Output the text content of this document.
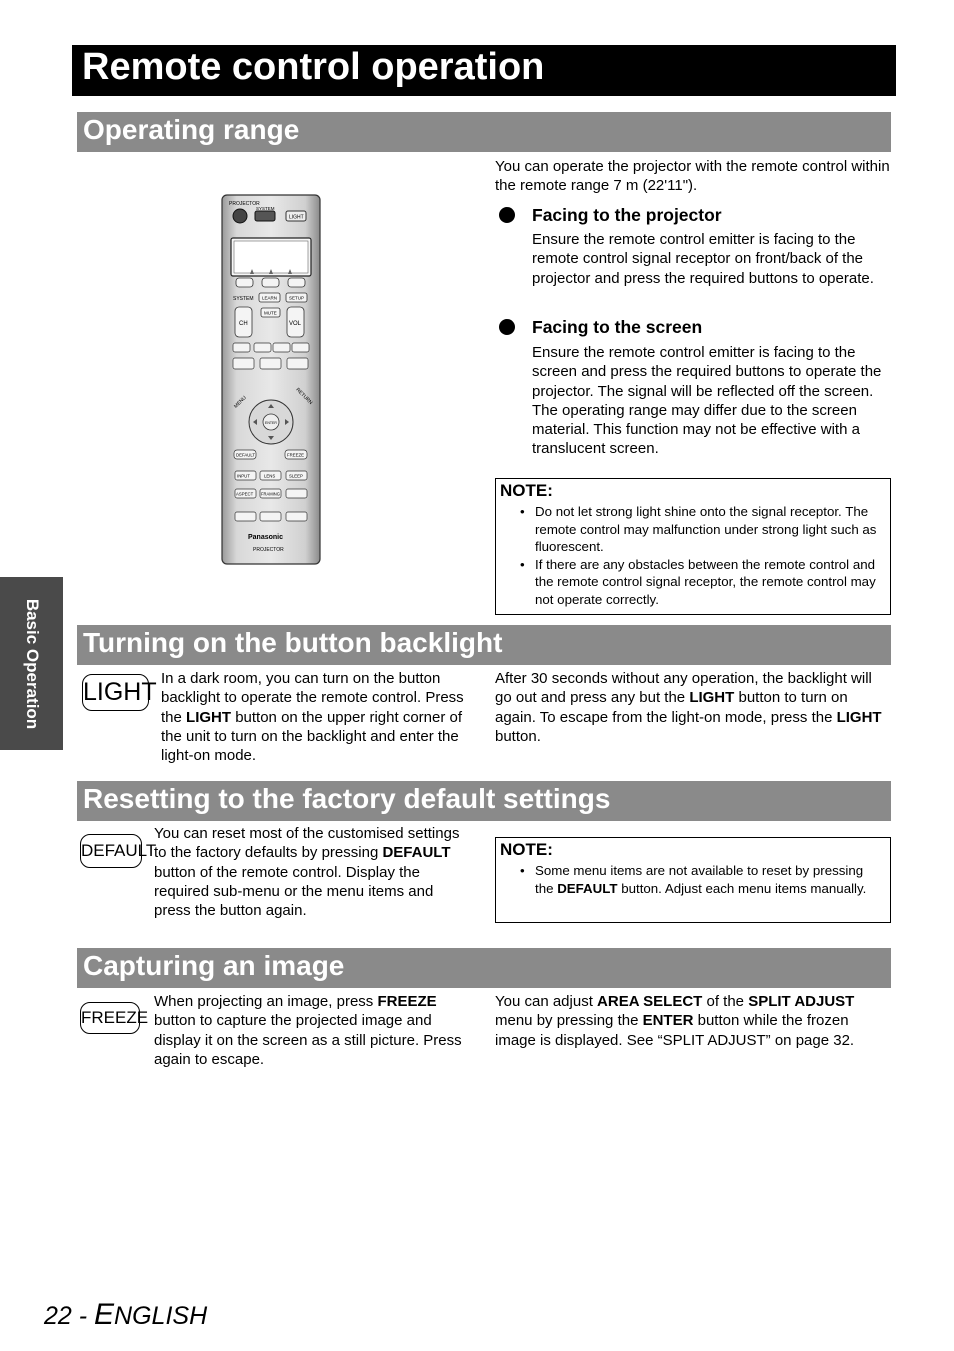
Remote control operation
Basic Operation
Operating range
PROJECTOR
SYSTEM
LIGHT
SYSTEM LEARN	SETUP
CH
MUTE
VOL
ENTER
MENU	RETURN
DEFAULT	FREEZE
INPUT	LENS	SLEEP
ASPECT FRAMING
Panasonic
PROJECTOR
You can operate the projector with the remote control within the remote range 7 m (22'11").
Facing to the projector
Ensure the remote control emitter is facing to the remote control signal receptor on front/back of the projector and press the required buttons to operate.
Facing to the screen
Ensure the remote control emitter is facing to the screen and press the required buttons to operate the projector. The signal will be reflected off the screen. The operating range may differ due to the screen material. This function may not be effective with a translucent screen.
NOTE:
• Do not let strong light shine onto the signal receptor. The remote control may malfunction under strong light such as fluorescent.
• If there are any obstacles between the remote control and the remote control signal receptor, the remote control may not operate correctly.
Turning on the button backlight
LIGHT In a dark room, you can turn on the button backlight to operate the remote control. Press the LIGHT button on the upper right corner of the unit to turn on the backlight and enter the light-on mode.
After 30 seconds without any operation, the backlight will go out and press any but the LIGHT button to turn on again. To escape from the light-on mode, press the LIGHT button.
Resetting to the factory default settings
DEFAULT
You can reset most of the customised settings to the factory defaults by pressing DEFAULT button of the remote control. Display the required sub-menu or the menu items and press the button again.
NOTE:
• Some menu items are not available to reset by pressing the DEFAULT button. Adjust each menu items manually.
Capturing an image
FREEZE
When projecting an image, press FREEZE button to capture the projected image and display it on the screen as a still picture. Press again to escape.
You can adjust AREA SELECT of the SPLIT ADJUST menu by pressing the ENTER button while the frozen image is displayed. See “SPLIT ADJUST” on page 32.
22 - ENGLISH
